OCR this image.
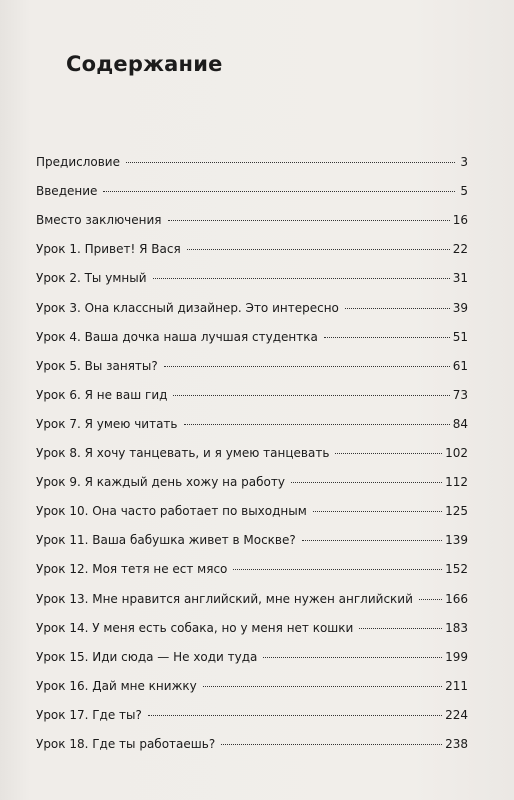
Содержание
Предисловие	3
Введение	5
Вместо заключения	16
Урок 1. Привет! Я Вася	22
Урок 2. Ты умный	31
Урок 3. Она классный дизайнер. Это интересно	39
Урок 4. Ваша дочка наша лучшая студентка	51
Урок 5. Вы заняты?	61
Урок 6. Я не ваш гид	73
Урок 7. Я умею читать	84
Урок 8. Я хочу танцевать, и я умею танцевать	102
Урок 9. Я каждый день хожу на работу	112
Урок 10. Она часто работает по выходным	125
Урок 11. Ваша бабушка живет в Москве?	139
Урок 12. Моя тетя не ест мясо	152
Урок 13. Мне нравится английский, мне нужен английский	166
Урок 14. У меня есть собака, но у меня нет кошки	183
Урок 15. Иди сюда — Не ходи туда	199
Урок 16. Дай мне книжку	211
Урок 17. Где ты?	224
Урок 18. Где ты работаешь?	238
